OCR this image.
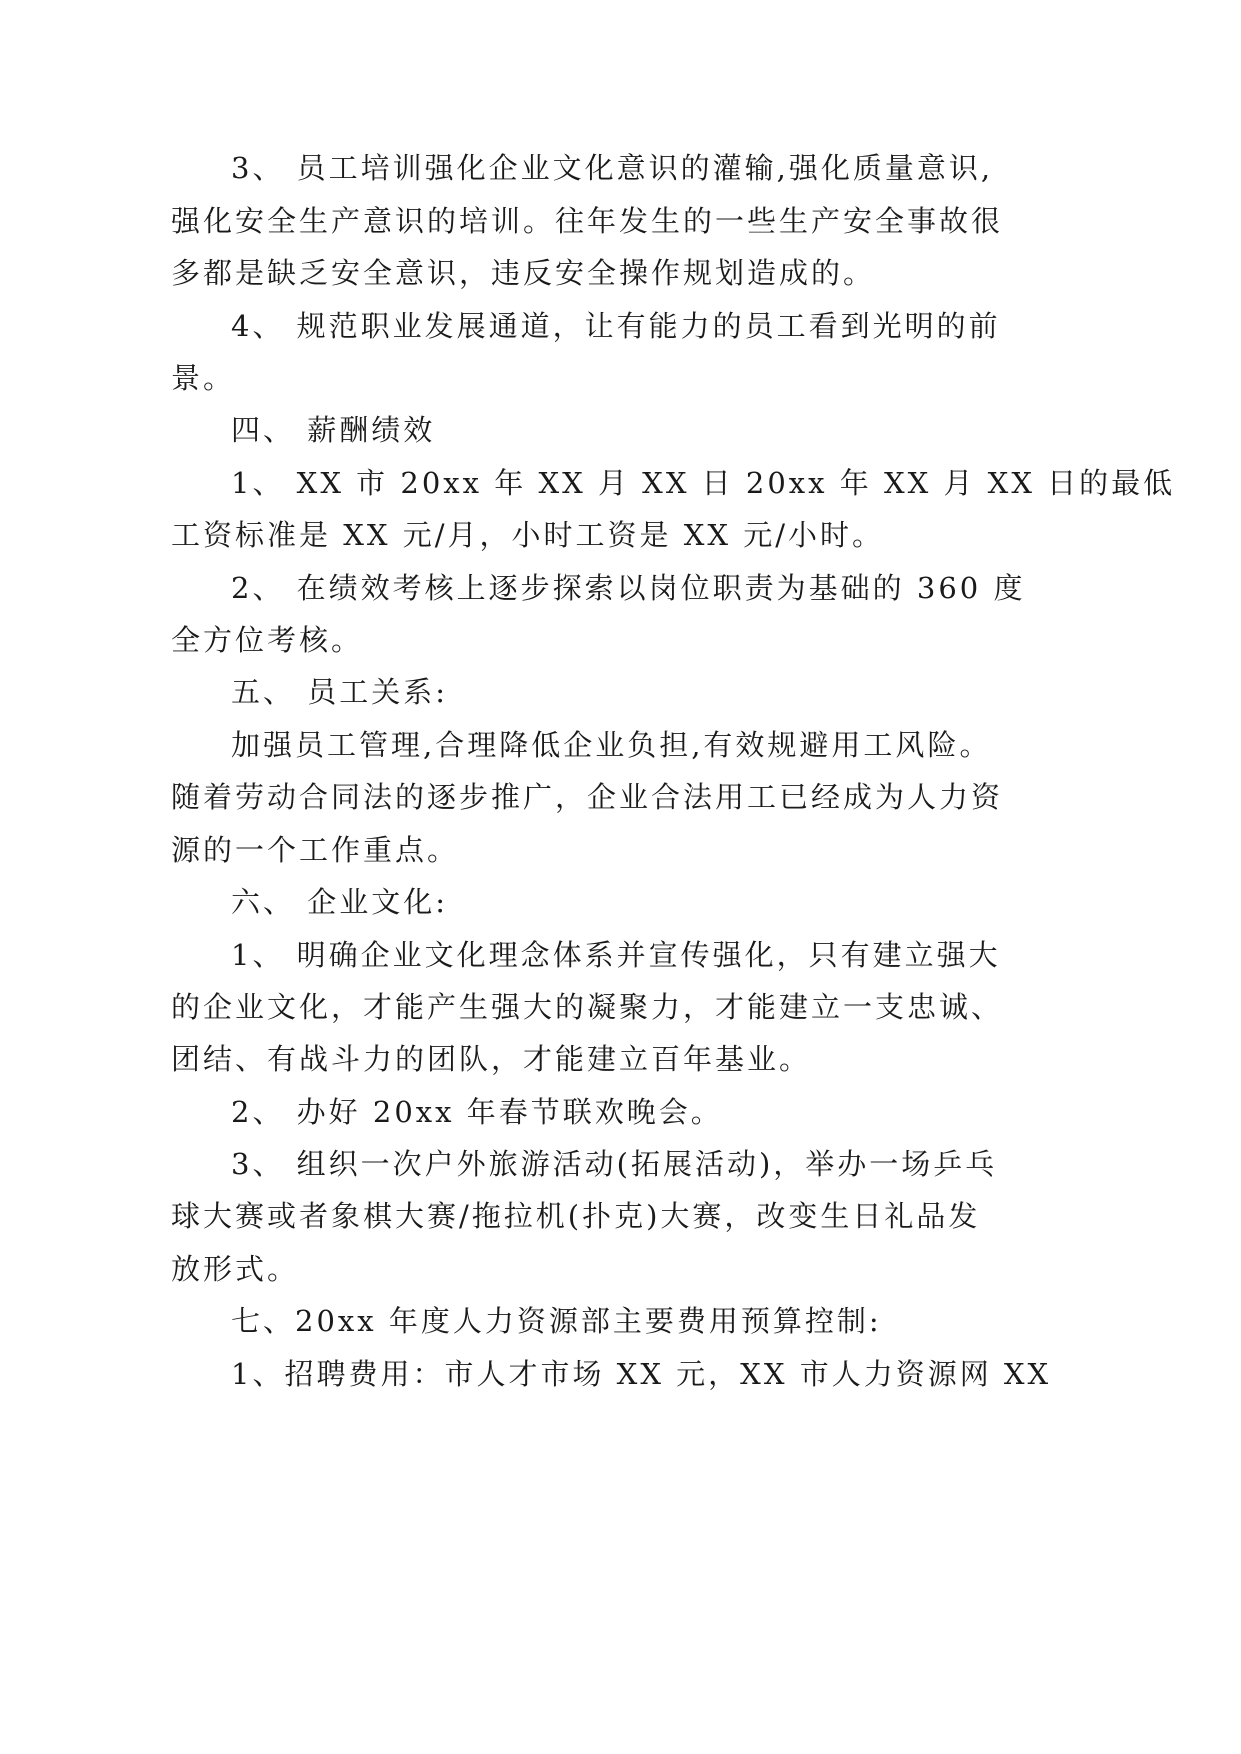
3、 员工培训强化企业文化意识的灌输,强化质量意识,
强化安全生产意识的培训。往年发生的一些生产安全事故很
多都是缺乏安全意识，违反安全操作规划造成的。
4、 规范职业发展通道，让有能力的员工看到光明的前
景。
四、 薪酬绩效
1、 XX 市 20xx 年 XX 月 XX 日 20xx 年 XX 月 XX 日的最低
工资标准是 XX 元/月，小时工资是 XX 元/小时。
2、 在绩效考核上逐步探索以岗位职责为基础的 360 度
全方位考核。
五、 员工关系:
加强员工管理,合理降低企业负担,有效规避用工风险。
随着劳动合同法的逐步推广，企业合法用工已经成为人力资
源的一个工作重点。
六、 企业文化:
1、 明确企业文化理念体系并宣传强化，只有建立强大
的企业文化，才能产生强大的凝聚力，才能建立一支忠诚、
团结、有战斗力的团队，才能建立百年基业。
2、 办好 20xx 年春节联欢晚会。
3、 组织一次户外旅游活动(拓展活动)，举办一场乒乓
球大赛或者象棋大赛/拖拉机(扑克)大赛，改变生日礼品发
放形式。
七、20xx 年度人力资源部主要费用预算控制:
1、招聘费用：市人才市场 XX 元，XX 市人力资源网 XX
